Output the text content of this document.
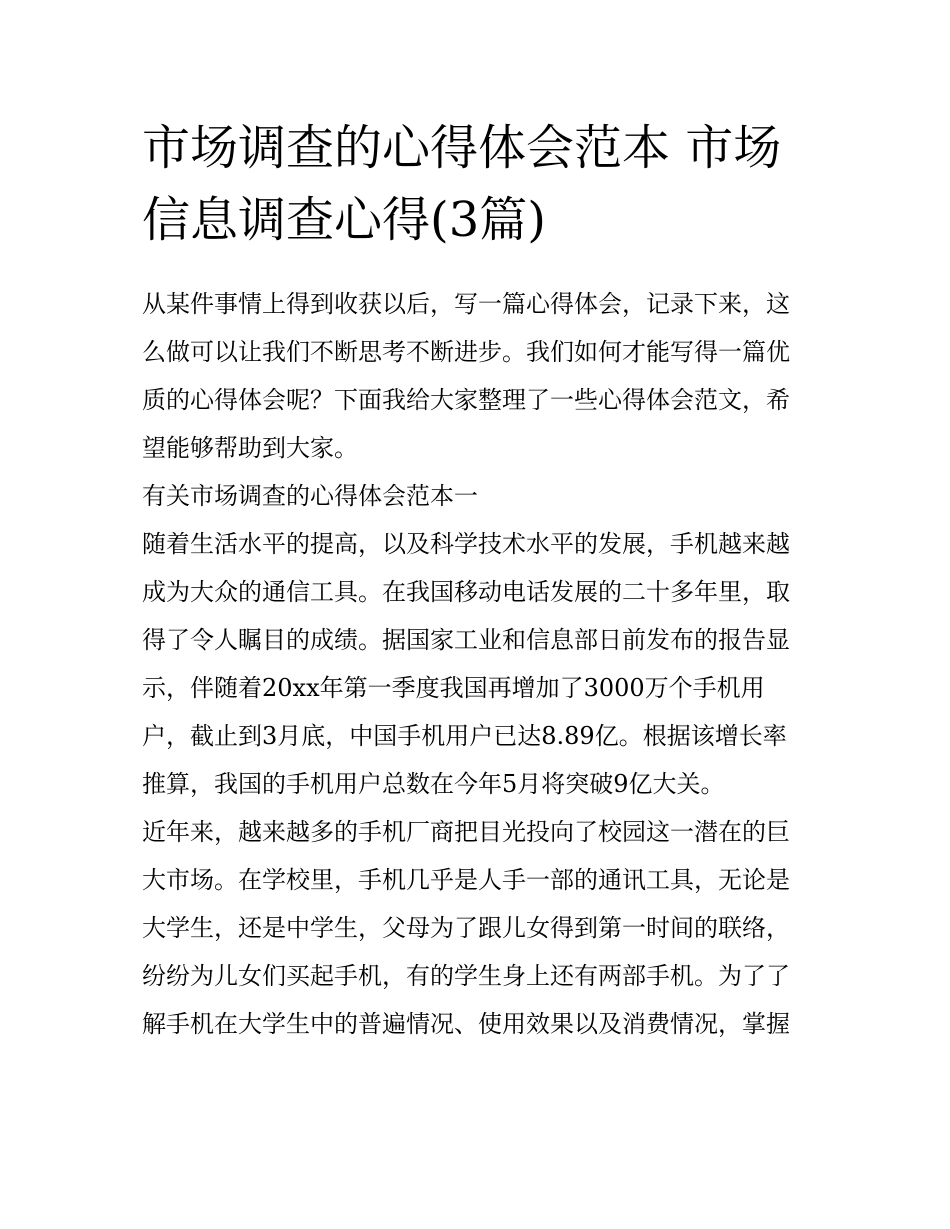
市场调查的心得体会范本 市场
信息调查心得(3篇)

从某件事情上得到收获以后，写一篇心得体会，记录下来，这
么做可以让我们不断思考不断进步。我们如何才能写得一篇优
质的心得体会呢？下面我给大家整理了一些心得体会范文，希
望能够帮助到大家。

有关市场调查的心得体会范本一

随着生活水平的提高，以及科学技术水平的发展，手机越来越
成为大众的通信工具。在我国移动电话发展的二十多年里，取
得了令人瞩目的成绩。据国家工业和信息部日前发布的报告显
示，伴随着20xx年第一季度我国再增加了3000万个手机用
户，截止到3月底，中国手机用户已达8.89亿。根据该增长率
推算，我国的手机用户总数在今年5月将突破9亿大关。

近年来，越来越多的手机厂商把目光投向了校园这一潜在的巨
大市场。在学校里，手机几乎是人手一部的通讯工具，无论是
大学生，还是中学生，父母为了跟儿女得到第一时间的联络，
纷纷为儿女们买起手机，有的学生身上还有两部手机。为了了
解手机在大学生中的普遍情况、使用效果以及消费情况，掌握
